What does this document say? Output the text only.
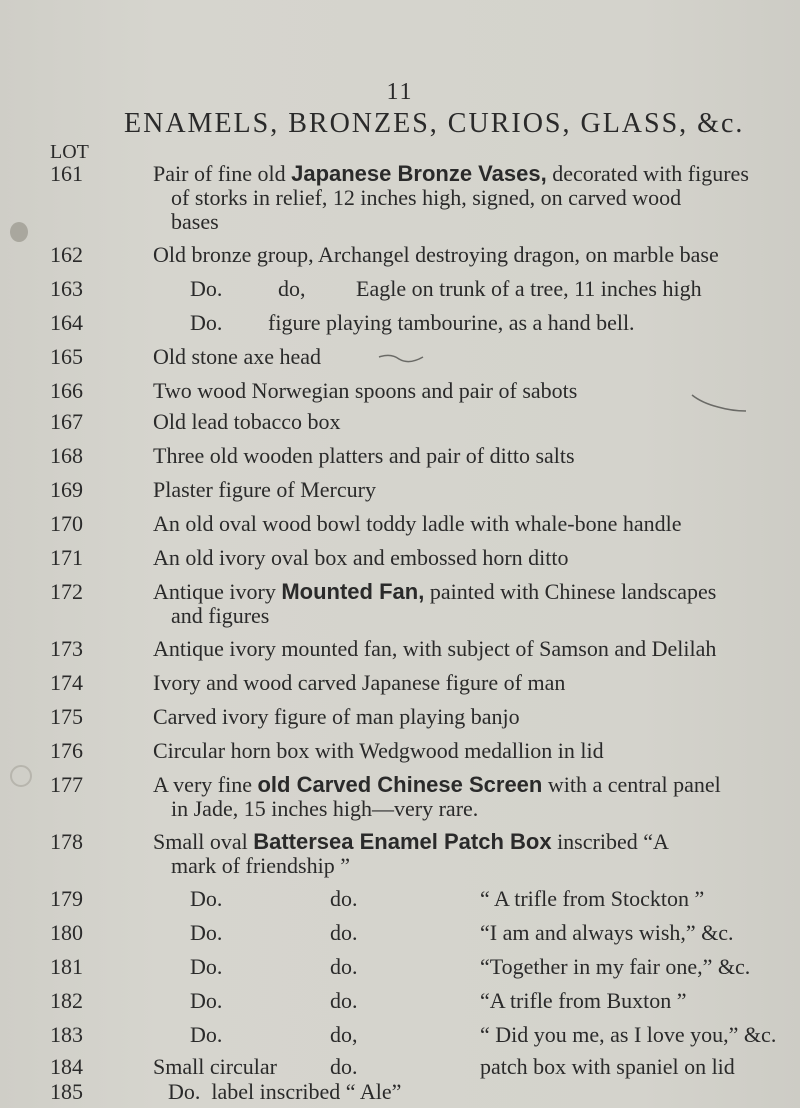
11
ENAMELS, BRONZES, CURIOS, GLASS, &c.
LOT
161	Pair of fine old Japanese Bronze Vases, decorated with figures
of storks in relief, 12 inches high, signed, on carved wood
bases
162	Old bronze group, Archangel destroying dragon, on marble base
163	Do.	do, Eagle on trunk of a tree, 11 inches high
164	Do. figure playing tambourine, as a hand bell.
165	Old stone axe head
166	Two wood Norwegian spoons and pair of sabots
167	Old lead tobacco box
168	Three old wooden platters and pair of ditto salts
169	Plaster figure of Mercury
170	An old oval wood bowl toddy ladle with whale-bone handle
171	An old ivory oval box and embossed horn ditto
172	Antique ivory Mounted Fan, painted with Chinese landscapes
and figures
173	Antique ivory mounted fan, with subject of Samson and Delilah
174	Ivory and wood carved Japanese figure of man
175	Carved ivory figure of man playing banjo
176	Circular horn box with Wedgwood medallion in lid
177	A very fine old Carved Chinese Screen with a central panel
in Jade, 15 inches high—very rare.
178	Small oval Battersea Enamel Patch Box inscribed “A
mark of friendship ”
179	Do.	do.	“ A trifle from Stockton ”
180	Do.	do.	“I am and always wish,” &c.
181	Do.	do.	“Together in my fair one,” &c.
182	Do.	do.	“A trifle from Buxton ”
183	Do.	do,	“ Did you me, as I love you,” &c.
184	Small circular do.	patch box with spaniel on lid
185	Do.  label inscribed “ Ale”
